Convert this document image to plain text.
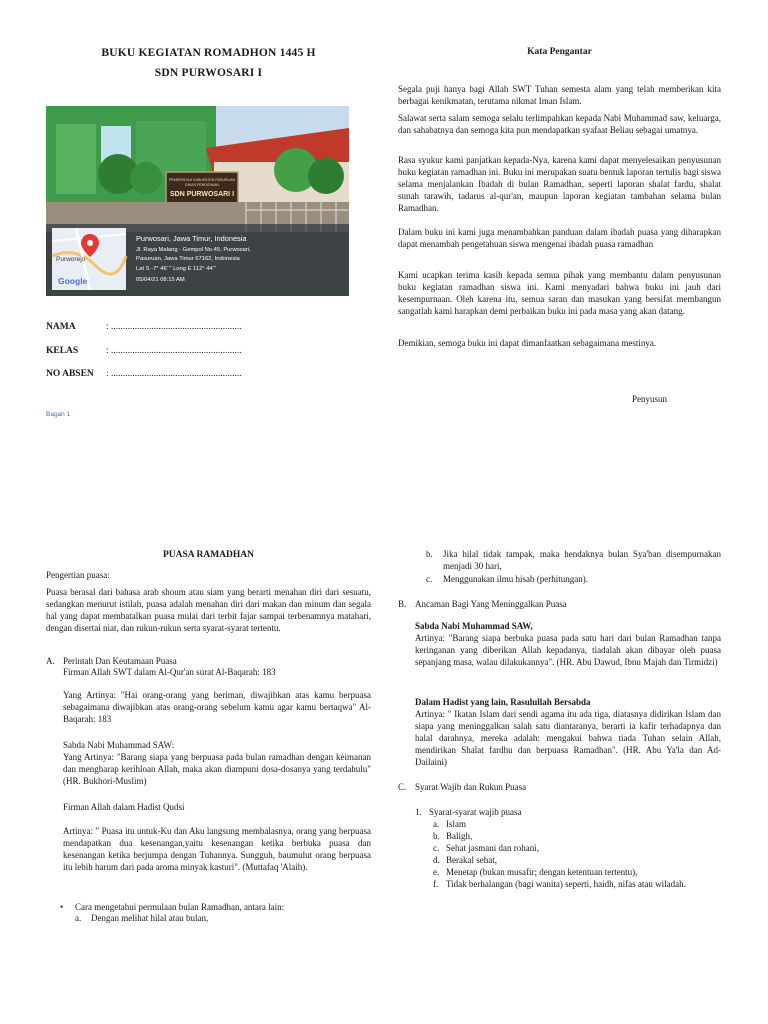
BUKU KEGIATAN ROMADHON 1445 H
SDN PURWOSARI I
PEMERINTAH KABUPATEN PASURUAN
DINAS PENDIDIKAN
SDN PURWOSARI I
Purworejo
Google
Purwosari, Jawa Timur, Indonesia
Jl. Raya Malang - Gempol No.45, Purwosari,
Pasuruan, Jawa Timur 67162, Indonesia
Lat S -7° 46' " Long E 112° 44'"
05/04/21 08:15 AM
NAMA	: .......................................................
KELAS	: .......................................................
NO ABSEN : .......................................................
Bagan 1
Kata Pengantar
Segala puji hanya bagi Allah SWT Tuhan semesta alam yang telah memberikan kita berbagai kenikmatan, terutama nikmat Iman Islam.
Salawat serta salam semoga selalu terlimpahkan kepada Nabi Muhammad saw, keluarga, dan sahabatnya dan semoga kita pun mendapatkan syafaat Beliau sebagai umatnya.
Rasa syukur kami panjatkan kepada-Nya, karena kami dapat menyelesaikan penyusunan buku kegiatan ramadhan ini. Buku ini merupakan suatu bentuk laporan tertulis bagi siswa selama menjalankan Ibadah di bulan Ramadhan, seperti laporan shalat fardu, shalat sunah tarawih, tadarus al-qur'an, maupun laporan kegiatan tambahan selama bulan Ramadhan.
Dalam buku ini kami juga menambahkan panduan dalam ibadah puasa yang diharapkan dapat menambah pengetahuan siswa mengenai ibadah puasa ramadhan
Kami ucapkan terima kasih kepada semua pihak yang membantu dalam penyusunan buku kegiatan ramadhan siswa ini. Kami menyadari bahwa buku ini jauh dari kesempurnaan. Oleh karena itu, semua saran dan masukan yang bersifat membangun sangatlah kami harapkan demi perbaikan buku ini pada masa yang akan datang.
Demikian, semoga buku ini dapat dimanfaatkan sebagaimana mestinya.
Penyusun
PUASA RAMADHAN
Pengertian puasa:
Puasa berasal dari bahasa arab shoum atau siam yang berarti menahan diri dari sesuatu, sedangkan menurut istilah, puasa adalah menahan diri dari makan dan minum dan segala hal yang dapat membatalkan puasa mulai dari terbit fajar sampai terbenamnya matahari, dengan disertai niat, dan rukun-rukun serta syarat-syarat tertentu.
A. Perintah Dan Keutamaan Puasa
Firman Allah SWT dalam Al-Qur'an surat Al-Baqarah: 183
Yang Artinya: "Hai orang-orang yang beriman, diwajibkan atas kamu berpuasa sebagaimana diwajibkan atas orang-orang sebelum kamu agar kamu bertaqwa" Al-Baqarah: 183
Sabda Nabi Muhammad SAW:
Yang Artinya: "Barang siapa yang berpuasa pada bulan ramadhan dengan keimanan dan mengharap kerihloan Allah, maka akan diampuni dosa-dosanya yang terdahulu" (HR. Bukhori-Muslim)
Firman Allah dalam Hadist Qudsi
Artinya: " Puasa itu untuk-Ku dan Aku langsung membalasnya, orang yang berpuasa mendapatkan dua kesenangan,yaitu kesenangan ketika berbuka puasa dan kesenangan ketika berjumpa dengan Tuhannya. Sungguh, baumulut orang berpuasa itu lebih harum dari pada aroma minyak kasturi". (Muttafaq 'Alaih).
• Cara mengetahui permulaan bulan Ramadhan, antara lain:
a. Dengan melihat hilal atau bulan,
b. Jika hilal tidak tampak, maka hendaknya bulan Sya'ban disempurnakan menjadi 30 hari,
c. Menggunakan ilmu hisab (perhitungan).
B. Ancaman Bagi Yang Meninggalkan Puasa
Sabda Nabi Muhammad SAW,
Artinya: "Barang siapa berbuka puasa pada satu hari dari bulan Ramadhan tanpa keringanan yang diberikan Allah kepadanya, tiadalah akan dibayar oleh puasa sepanjang masa, walau dilakukannya". (HR. Abu Dawud, Ibnu Majah dan Tirmidzi)
Dalam Hadist yang lain, Rasulullah Bersabda
Artinya: " Ikatan Islam dari sendi agama itu ada tiga, diatasnya didirikan Islam dan siapa yang meninggalkan salah satu diantaranya, berarti ia kafir terhadapnya dan halal darahnya, mereka adalah: mengakui bahwa tiada Tuhan selain Allah, mendirikan Shalat fardhu dan berpuasa Ramadhan". (HR. Abu Ya'la dan Ad-Dailaini)
C. Syarat Wajib dan Rukun Puasa
1. Syarat-syarat wajib puasa
a. Islam
b. Baligh,
c. Sehat jasmani dan rohani,
d. Berakal sehat,
e. Menetap (bukan musafir; dengan ketentuan tertentu),
f. Tidak berhalangan (bagi wanita) seperti, haidh, nifas atau wiladah.
